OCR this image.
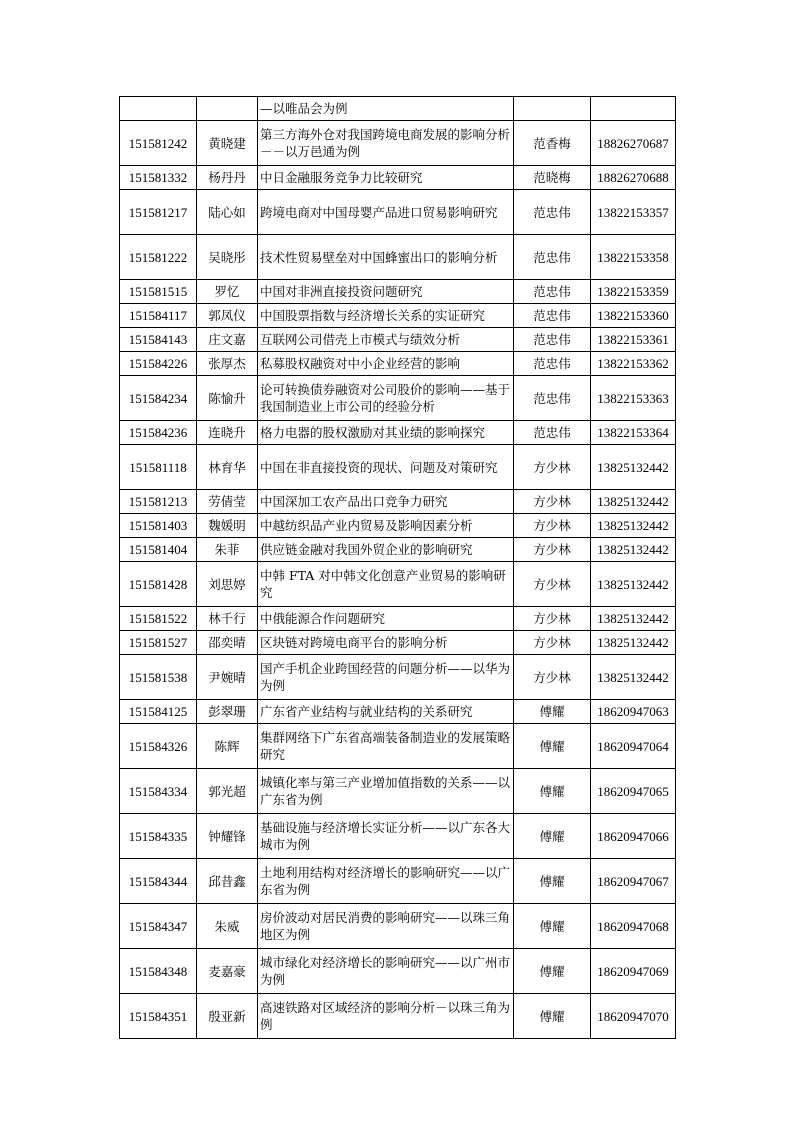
		—以唯品会为例		
151581242	黄晓建	第三方海外仓对我国跨境电商发展的影响分析－－以万邑通为例	范香梅	18826270687
151581332	杨丹丹	中日金融服务竞争力比较研究	范晓梅	18826270688
151581217	陆心如	跨境电商对中国母婴产品进口贸易影响研究	范忠伟	13822153357
151581222	吴晓彤	技术性贸易壁垒对中国蜂蜜出口的影响分析	范忠伟	13822153358
151581515	罗忆	中国对非洲直接投资问题研究	范忠伟	13822153359
151584117	郭凤仪	中国股票指数与经济增长关系的实证研究	范忠伟	13822153360
151584143	庄文嘉	互联网公司借壳上市模式与绩效分析	范忠伟	13822153361
151584226	张厚杰	私募股权融资对中小企业经营的影响	范忠伟	13822153362
151584234	陈愉升	论可转换债券融资对公司股价的影响——基于我国制造业上市公司的经验分析	范忠伟	13822153363
151584236	连晓升	格力电器的股权激励对其业绩的影响探究	范忠伟	13822153364
151581118	林育华	中国在非直接投资的现状、问题及对策研究	方少林	13825132442
151581213	劳倩莹	中国深加工农产品出口竞争力研究	方少林	13825132442
151581403	魏媛明	中越纺织品产业内贸易及影响因素分析	方少林	13825132442
151581404	朱菲	供应链金融对我国外贸企业的影响研究	方少林	13825132442
151581428	刘思婷	中韩 FTA 对中韩文化创意产业贸易的影响研究	方少林	13825132442
151581522	林千行	中俄能源合作问题研究	方少林	13825132442
151581527	邵奕晴	区块链对跨境电商平台的影响分析	方少林	13825132442
151581538	尹婉晴	国产手机企业跨国经营的问题分析——以华为为例	方少林	13825132442
151584125	彭翠珊	广东省产业结构与就业结构的关系研究	傅耀	18620947063
151584326	陈辉	集群网络下广东省高端装备制造业的发展策略研究	傅耀	18620947064
151584334	郭光超	城镇化率与第三产业增加值指数的关系——以广东省为例	傅耀	18620947065
151584335	钟耀锋	基础设施与经济增长实证分析——以广东各大城市为例	傅耀	18620947066
151584344	邱昔鑫	土地利用结构对经济增长的影响研究——以广东省为例	傅耀	18620947067
151584347	朱威	房价波动对居民消费的影响研究——以珠三角地区为例	傅耀	18620947068
151584348	麦嘉豪	城市绿化对经济增长的影响研究——以广州市为例	傅耀	18620947069
151584351	殷亚新	高速铁路对区域经济的影响分析－以珠三角为例	傅耀	18620947070
